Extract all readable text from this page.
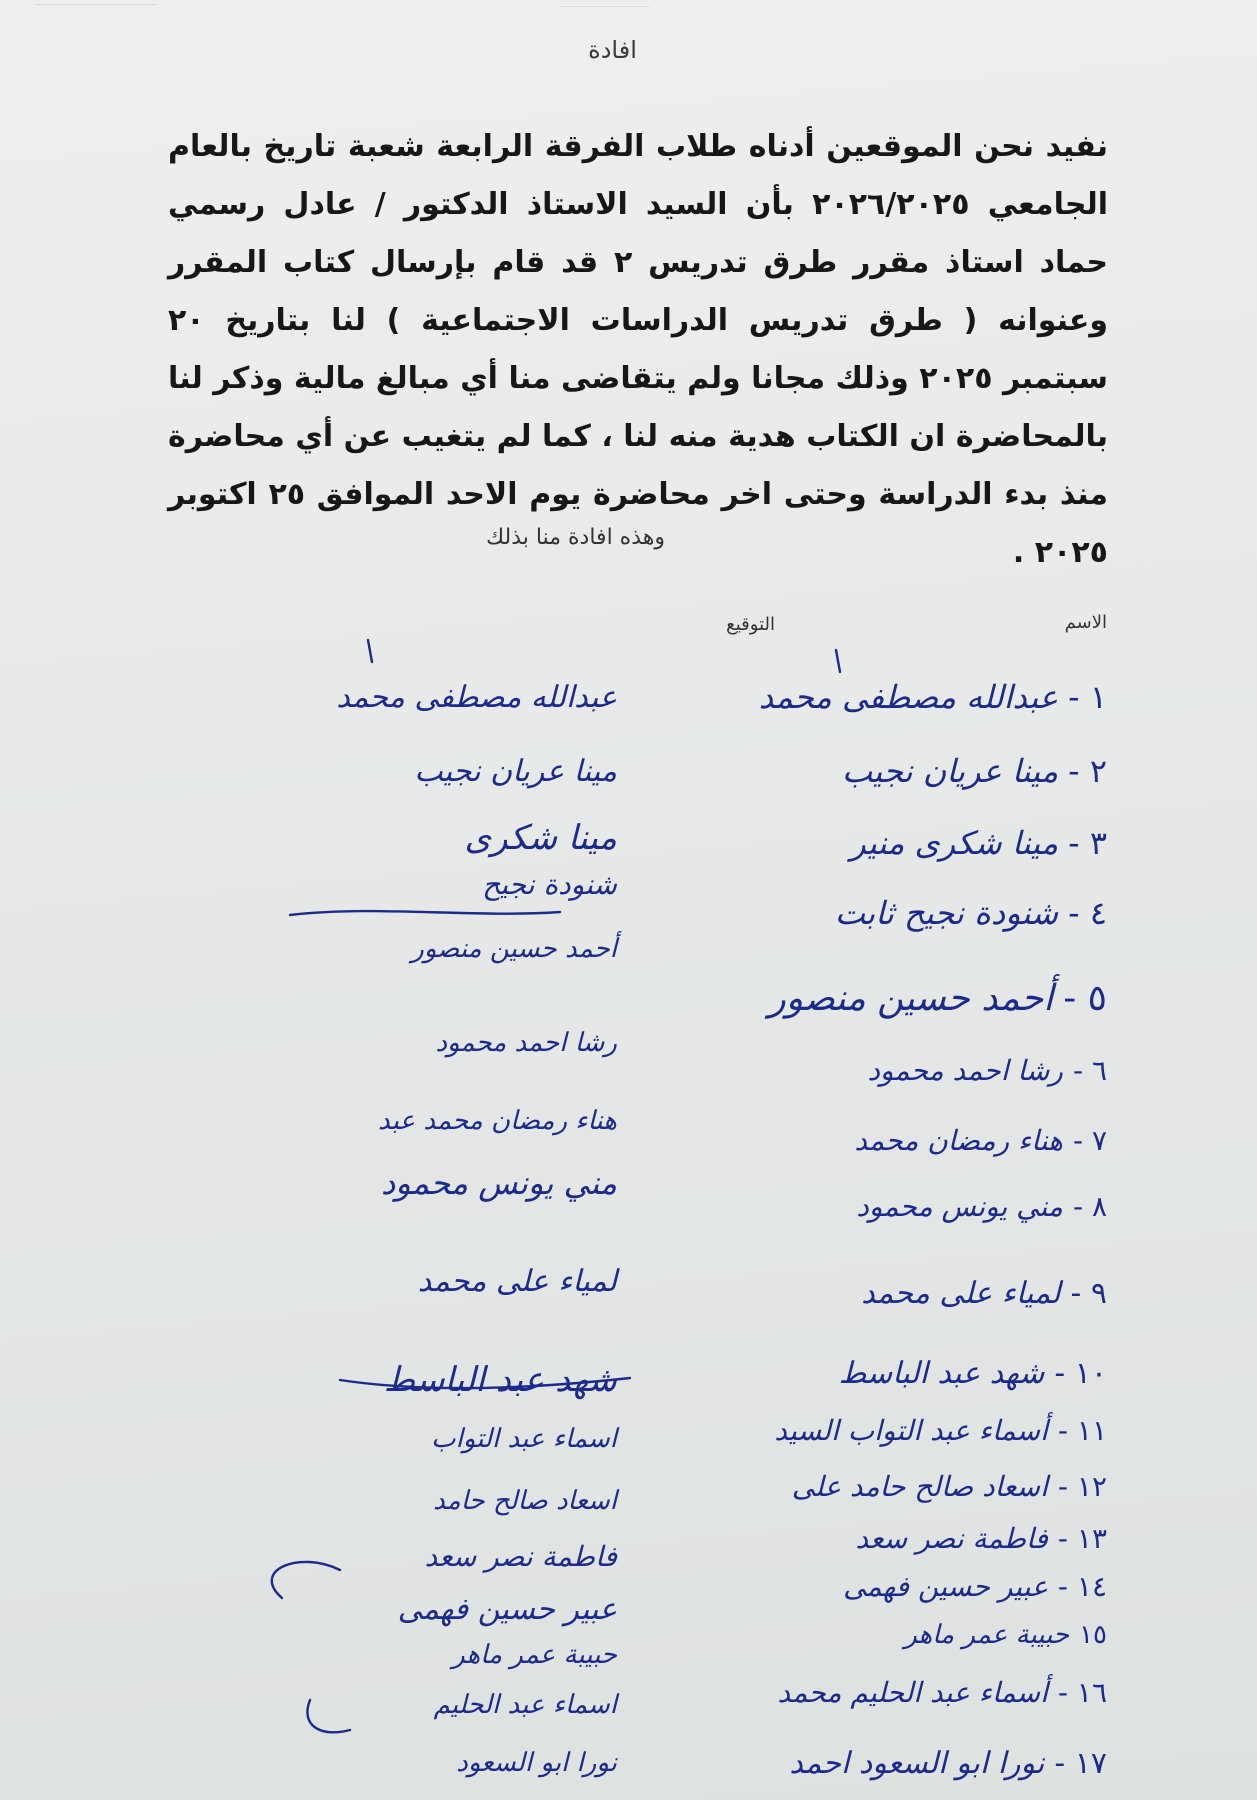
افادة
نفيد نحن الموقعين أدناه طلاب الفرقة الرابعة شعبة تاريخ بالعام الجامعي ٢٠٢٦/٢٠٢٥ بأن السيد الاستاذ الدكتور / عادل رسمي حماد استاذ مقرر طرق تدريس ٢ قد قام بإرسال كتاب المقرر وعنوانه ( طرق تدريس الدراسات الاجتماعية ) لنا بتاريخ ٢٠ سبتمبر ٢٠٢٥ وذلك مجانا ولم يتقاضى منا أي مبالغ مالية وذكر لنا بالمحاضرة ان الكتاب هدية منه لنا ، كما لم يتغيب عن أي محاضرة منذ بدء الدراسة وحتى اخر محاضرة يوم الاحد الموافق ٢٥ اكتوبر ٢٠٢٥ .
وهذه افادة منا بذلك
الاسم
التوقيع
١ -عبدالله مصطفى محمد
عبدالله مصطفى محمد
٢ -مينا عريان نجيب
مينا عريان نجيب
٣ -مينا شكرى منير
مينا شكرى
٤ -شنودة نجيح ثابت
شنودة نجيح
٥ -أحمد حسين منصور
أحمد حسين منصور
٦ -رشا احمد محمود
رشا احمد محمود
٧ -هناء رمضان محمد
هناء رمضان محمد عبد
٨ -مني يونس محمود
مني يونس محمود
٩ -لمياء على محمد
لمياء على محمد
١٠ -شهد عبد الباسط
شهد عبد الباسط
١١ -أسماء عبد التواب السيد
اسماء عبد التواب
١٢ -اسعاد صالح حامد على
اسعاد صالح حامد
١٣ -فاطمة نصر سعد
فاطمة نصر سعد
١٤ -عبير حسين فهمى
عبير حسين فهمى
١٥حبيبة عمر ماهر
حبيبة عمر ماهر
١٦ -أسماء عبد الحليم محمد
اسماء عبد الحليم
١٧ -نورا ابو السعود احمد
نورا ابو السعود
